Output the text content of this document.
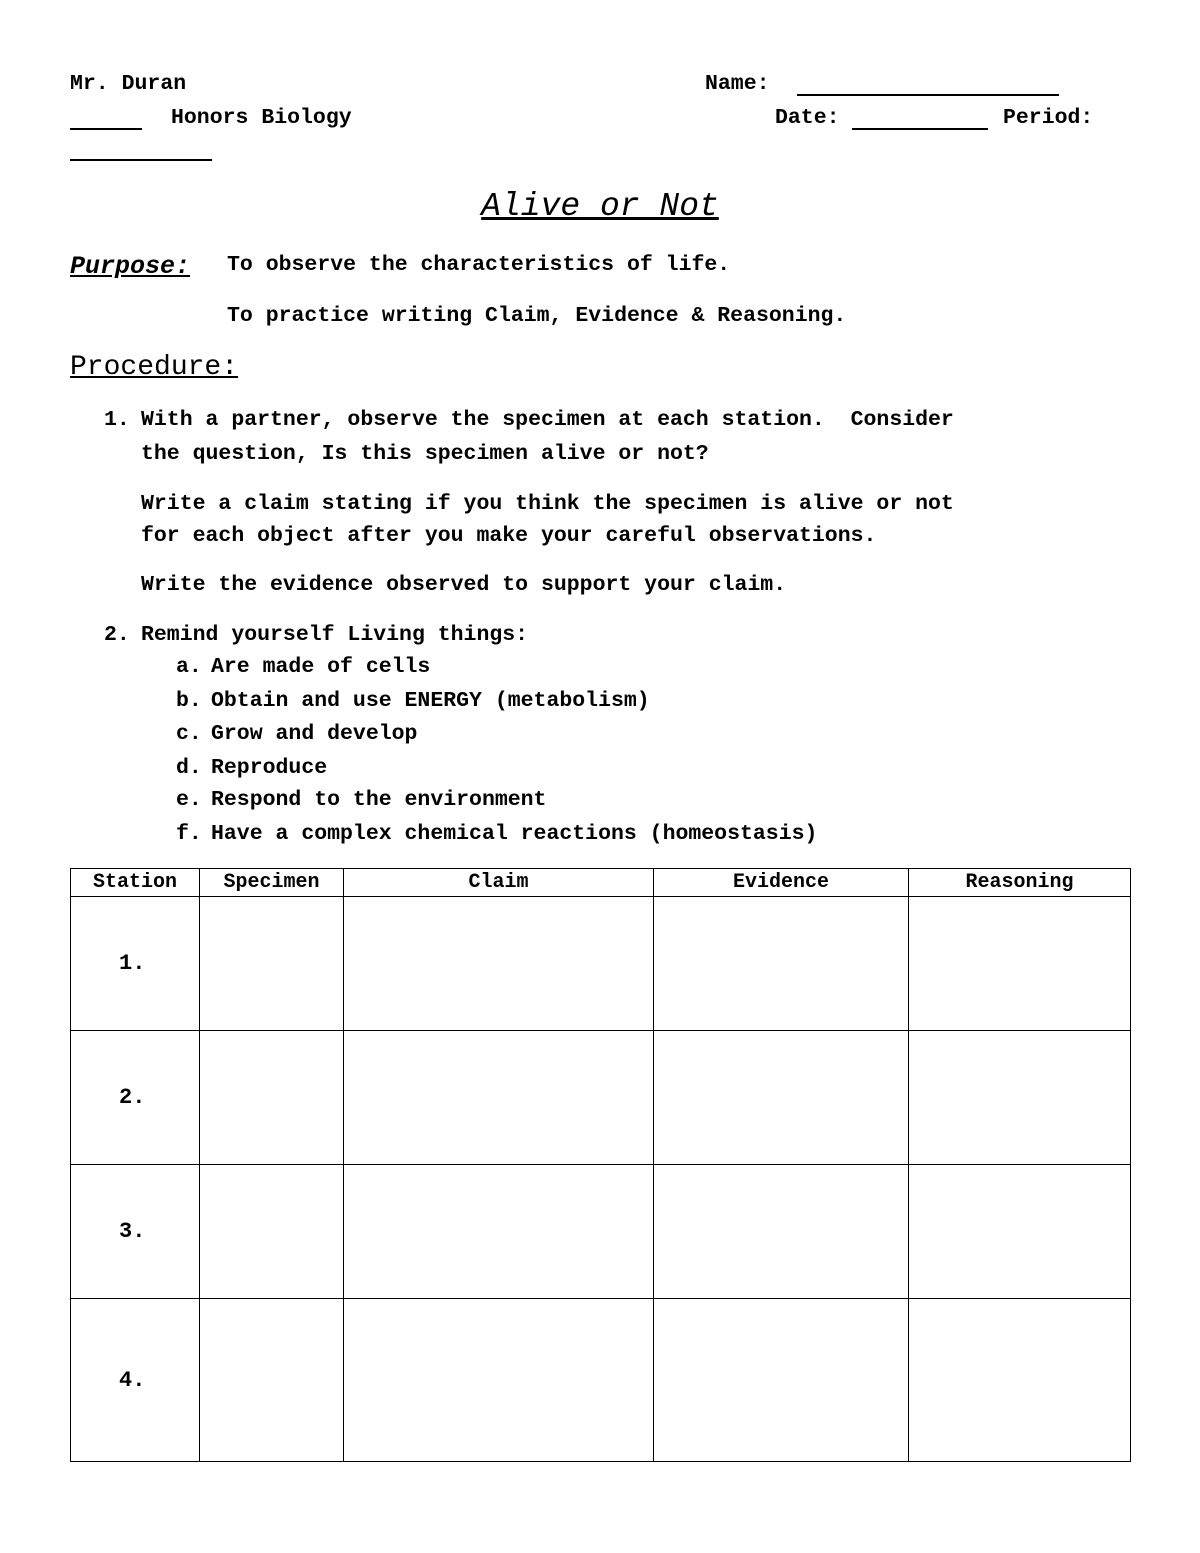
Mr. Duran	Name:
Honors Biology	Date:	Period:
Alive or Not
Purpose: To observe the characteristics of life.
To practice writing Claim, Evidence & Reasoning.
Procedure:
1. With a partner, observe the specimen at each station.  Consider
the question, Is this specimen alive or not?
Write a claim stating if you think the specimen is alive or not
for each object after you make your careful observations.
Write the evidence observed to support your claim.
2. Remind yourself Living things:
a. Are made of cells
b. Obtain and use ENERGY (metabolism)
c. Grow and develop
d. Reproduce
e. Respond to the environment
f. Have a complex chemical reactions (homeostasis)
Station	Specimen	Claim	Evidence	Reasoning
1.				
2.				
3.				
4.				
